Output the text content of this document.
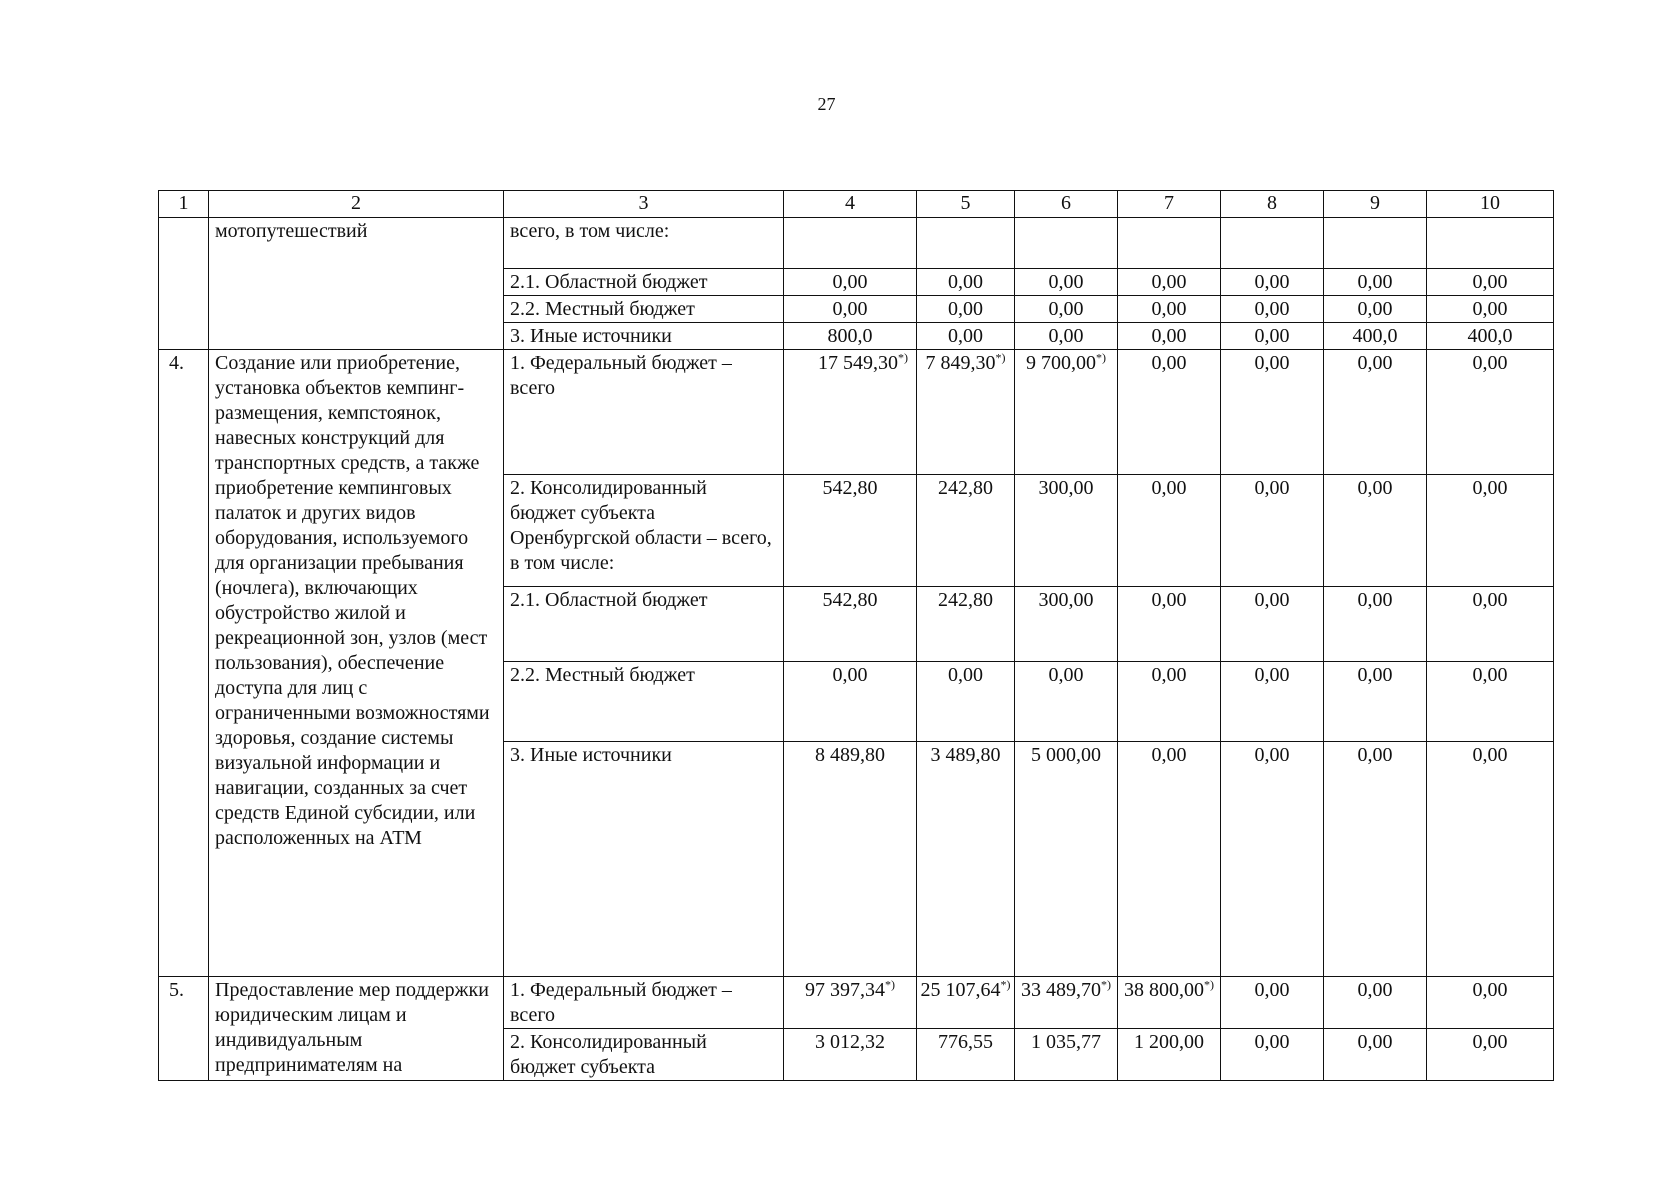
27
1	2	3	4	5	6	7	8	9	10
	мотопутешествий	всего, в том числе:							
		2.1. Областной бюджет	0,00	0,00	0,00	0,00	0,00	0,00	0,00
		2.2. Местный бюджет	0,00	0,00	0,00	0,00	0,00	0,00	0,00
		3. Иные источники	800,0	0,00	0,00	0,00	0,00	400,0	400,0
4.	Создание или приобретение, установка объектов кемпинг-размещения, кемпстоянок, навесных конструкций для транспортных средств, а также приобретение кемпинговых палаток и других видов оборудования, используемого для организации пребывания (ночлега), включающих обустройство жилой и рекреационной зон, узлов (мест пользования), обеспечение доступа для лиц с ограниченными возможностями здоровья, создание системы визуальной информации и навигации, созданных за счет средств Единой субсидии, или расположенных на АТМ	1. Федеральный бюджет – всего	17 549,30*)	7 849,30*)	9 700,00*)	0,00	0,00	0,00	0,00
		2. Консолидированный бюджет субъекта Оренбургской области – всего, в том числе:	542,80	242,80	300,00	0,00	0,00	0,00	0,00
		2.1. Областной бюджет	542,80	242,80	300,00	0,00	0,00	0,00	0,00
		2.2. Местный бюджет	0,00	0,00	0,00	0,00	0,00	0,00	0,00
		3. Иные источники	8 489,80	3 489,80	5 000,00	0,00	0,00	0,00	0,00
5.	Предоставление мер поддержки юридическим лицам и индивидуальным предпринимателям на	1. Федеральный бюджет – всего	97 397,34*)	25 107,64*)	33 489,70*)	38 800,00*)	0,00	0,00	0,00
		2. Консолидированный бюджет субъекта	3 012,32	776,55	1 035,77	1 200,00	0,00	0,00	0,00
